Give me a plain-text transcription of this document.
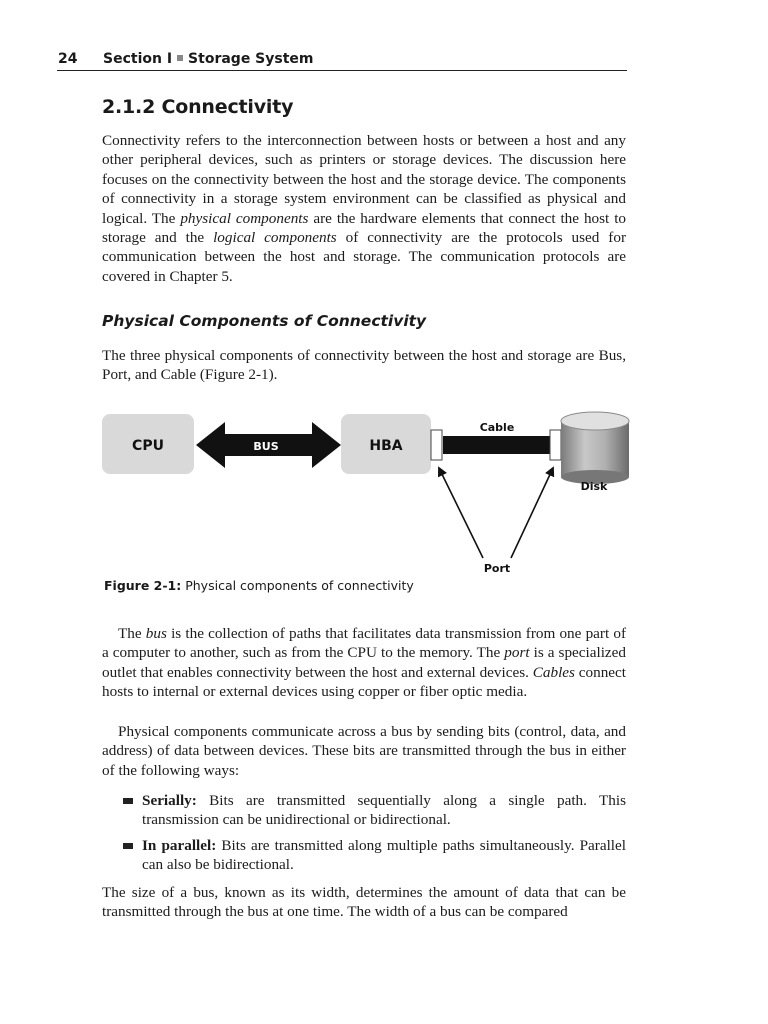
24 Section I Storage System
2.1.2 Connectivity

Connectivity refers to the interconnection between hosts or between a host and any other peripheral devices, such as printers or storage devices. The discussion here focuses on the connectivity between the host and the storage device. The components of connectivity in a storage system environment can be classified as physical and logical. The physical components are the hardware elements that connect the host to storage and the logical components of connectivity are the protocols used for communication between the host and storage. The communication protocols are covered in Chapter 5.

Physical Components of Connectivity

The three physical components of connectivity between the host and storage are Bus, Port, and Cable (Figure 2-1).

CPU	BUS	HBA
Cable
Disk
Port
Figure 2-1: Physical components of connectivity

The bus is the collection of paths that facilitates data transmission from one part of a computer to another, such as from the CPU to the memory. The port is a specialized outlet that enables connectivity between the host and external devices. Cables connect hosts to internal or external devices using copper or fiber optic media.

Physical components communicate across a bus by sending bits (control, data, and address) of data between devices. These bits are transmitted through the bus in either of the following ways:

Serially: Bits are transmitted sequentially along a single path. This transmission can be unidirectional or bidirectional.
In parallel: Bits are transmitted along multiple paths simultaneously. Parallel can also be bidirectional.

The size of a bus, known as its width, determines the amount of data that can be transmitted through the bus at one time. The width of a bus can be compared
